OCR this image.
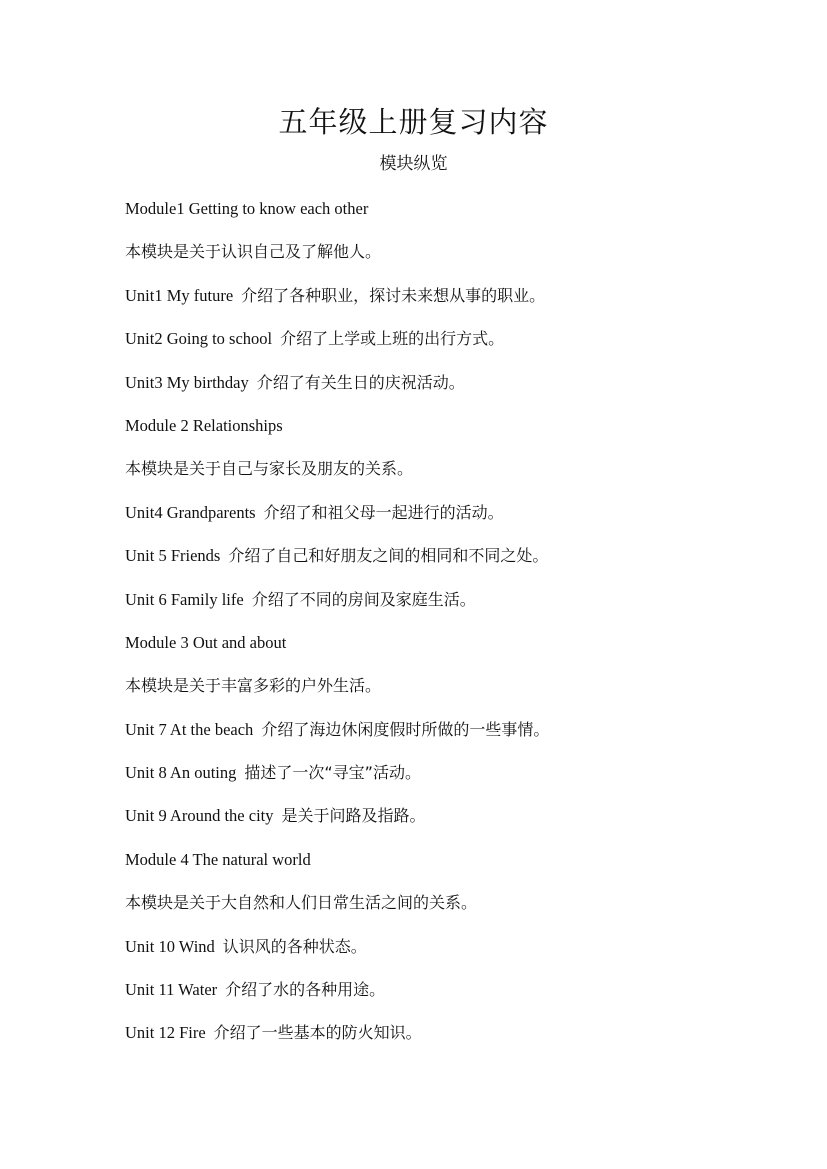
五年级上册复习内容
模块纵览
Module1 Getting to know each other
本模块是关于认识自己及了解他人。
Unit1 My future 介绍了各种职业，探讨未来想从事的职业。
Unit2 Going to school 介绍了上学或上班的出行方式。
Unit3 My birthday 介绍了有关生日的庆祝活动。
Module 2 Relationships
本模块是关于自己与家长及朋友的关系。
Unit4 Grandparents 介绍了和祖父母一起进行的活动。
Unit 5 Friends 介绍了自己和好朋友之间的相同和不同之处。
Unit 6 Family life 介绍了不同的房间及家庭生活。
Module 3 Out and about
本模块是关于丰富多彩的户外生活。
Unit 7 At the beach 介绍了海边休闲度假时所做的一些事情。
Unit 8 An outing 描述了一次“寻宝”活动。
Unit 9 Around the city 是关于问路及指路。
Module 4 The natural world
本模块是关于大自然和人们日常生活之间的关系。
Unit 10 Wind 认识风的各种状态。
Unit 11 Water 介绍了水的各种用途。
Unit 12 Fire 介绍了一些基本的防火知识。
